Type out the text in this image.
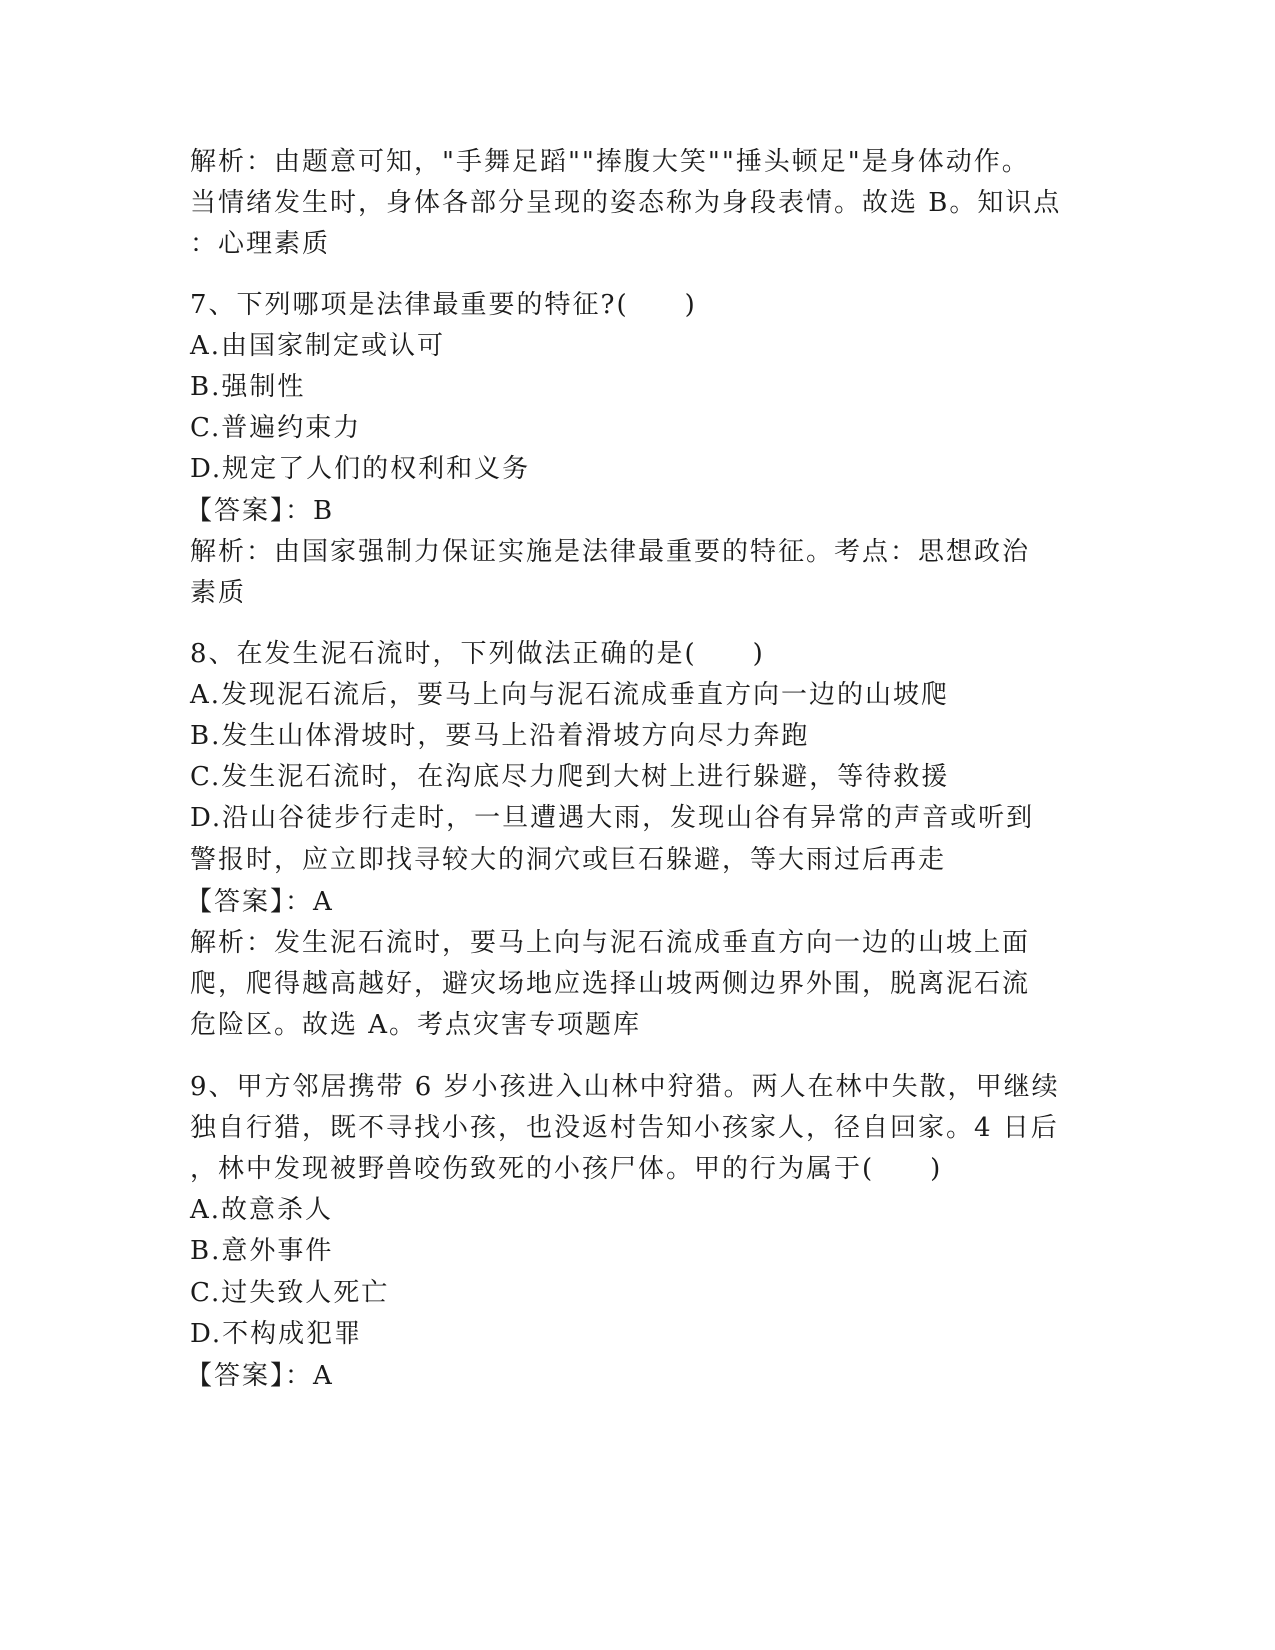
解析：由题意可知，"手舞足蹈""捧腹大笑""捶头顿足"是身体动作。
当情绪发生时，身体各部分呈现的姿态称为身段表情。故选 B。知识点
：心理素质
7、下列哪项是法律最重要的特征?(　　)
A.由国家制定或认可
B.强制性
C.普遍约束力
D.规定了人们的权利和义务
【答案】：B
解析：由国家强制力保证实施是法律最重要的特征。考点：思想政治
素质
8、在发生泥石流时，下列做法正确的是(　　)
A.发现泥石流后，要马上向与泥石流成垂直方向一边的山坡爬
B.发生山体滑坡时，要马上沿着滑坡方向尽力奔跑
C.发生泥石流时，在沟底尽力爬到大树上进行躲避，等待救援
D.沿山谷徒步行走时，一旦遭遇大雨，发现山谷有异常的声音或听到
警报时，应立即找寻较大的洞穴或巨石躲避，等大雨过后再走
【答案】：A
解析：发生泥石流时，要马上向与泥石流成垂直方向一边的山坡上面
爬，爬得越高越好，避灾场地应选择山坡两侧边界外围，脱离泥石流
危险区。故选 A。考点灾害专项题库
9、甲方邻居携带 6 岁小孩进入山林中狩猎。两人在林中失散，甲继续
独自行猎，既不寻找小孩，也没返村告知小孩家人，径自回家。4 日后
，林中发现被野兽咬伤致死的小孩尸体。甲的行为属于(　　)
A.故意杀人
B.意外事件
C.过失致人死亡
D.不构成犯罪
【答案】：A
